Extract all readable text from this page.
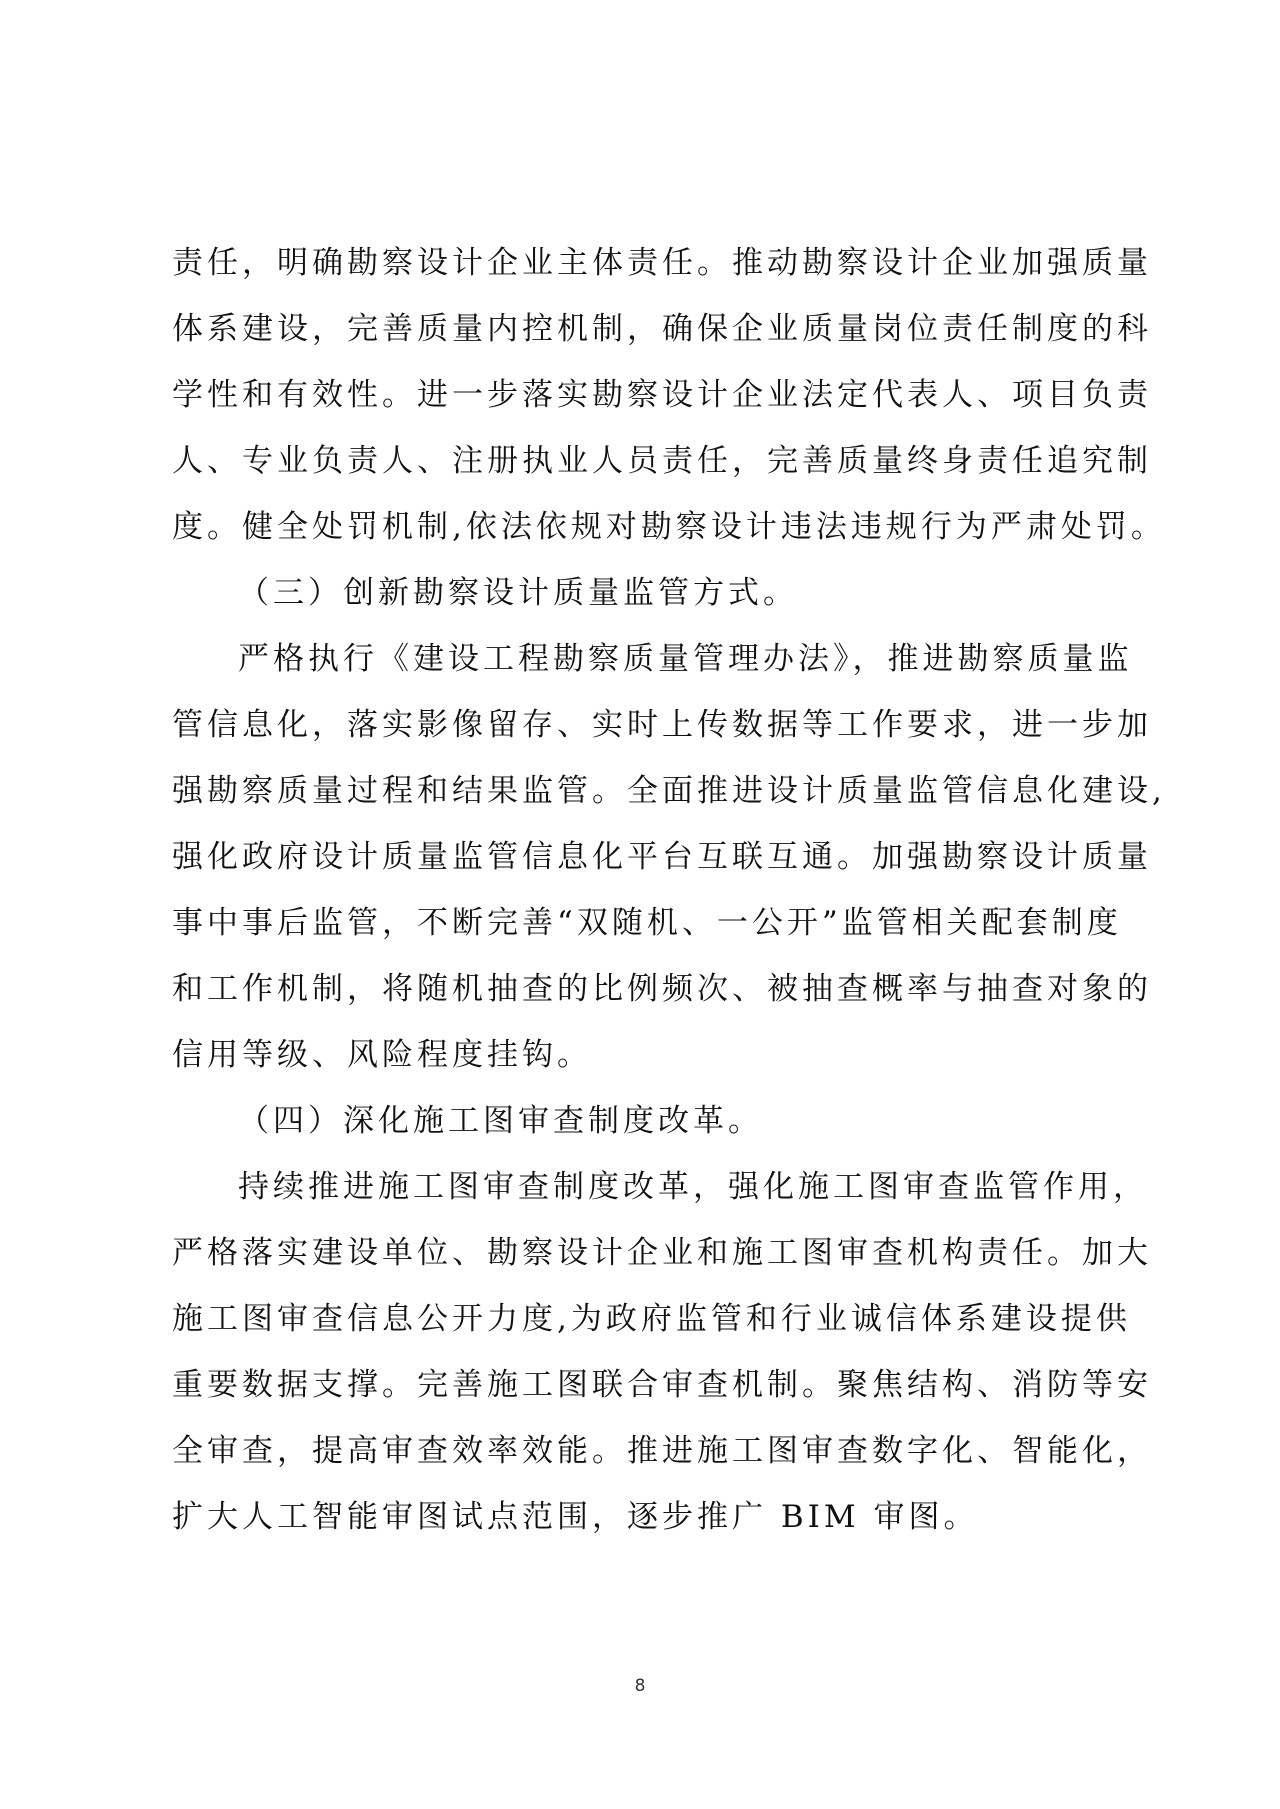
责任，明确勘察设计企业主体责任。推动勘察设计企业加强质量
体系建设，完善质量内控机制，确保企业质量岗位责任制度的科
学性和有效性。进一步落实勘察设计企业法定代表人、项目负责
人、专业负责人、注册执业人员责任，完善质量终身责任追究制
度。健全处罚机制,依法依规对勘察设计违法违规行为严肃处罚。
（三）创新勘察设计质量监管方式。
严格执行《建设工程勘察质量管理办法》，推进勘察质量监
管信息化，落实影像留存、实时上传数据等工作要求，进一步加
强勘察质量过程和结果监管。全面推进设计质量监管信息化建设,
强化政府设计质量监管信息化平台互联互通。加强勘察设计质量
事中事后监管，不断完善“双随机、一公开”监管相关配套制度
和工作机制，将随机抽查的比例频次、被抽查概率与抽查对象的
信用等级、风险程度挂钩。
（四）深化施工图审查制度改革。
持续推进施工图审查制度改革，强化施工图审查监管作用，
严格落实建设单位、勘察设计企业和施工图审查机构责任。加大
施工图审查信息公开力度,为政府监管和行业诚信体系建设提供
重要数据支撑。完善施工图联合审查机制。聚焦结构、消防等安
全审查，提高审查效率效能。推进施工图审查数字化、智能化，
扩大人工智能审图试点范围，逐步推广 BIM 审图。
8
